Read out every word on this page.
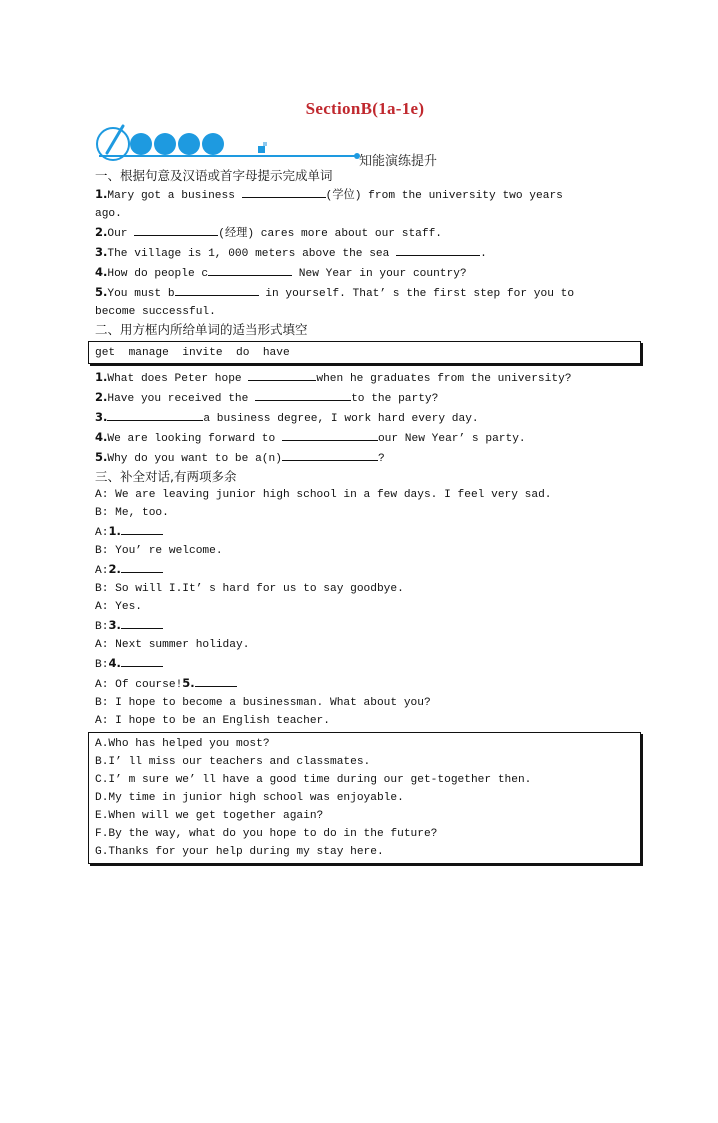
SectionB(1a-1e)
知能演练提升
一、根据句意及汉语或首字母提示完成单词
1.Mary got a business	(学位) from the university two years
ago.
2.Our	(经理) cares more about our staff.
3.The village is 1, 000 meters above the sea	.
4.How do people c	New Year in your country?
5.You must b	in yourself. That’ s the first step for you to
become successful.
二、用方框内所给单词的适当形式填空
get  manage  invite  do  have
1.What does Peter hope	when he graduates from the university?
2.Have you received the	to the party?
3.	a business degree, I work hard every day.
4.We are looking forward to	our New Year’ s party.
5.Why do you want to be a(n)	?
三、补全对话,有两项多余
A: We are leaving junior high school in a few days. I feel very sad.
B: Me, too.
A:1.
B: You’ re welcome.
A:2.
B: So will I.It’ s hard for us to say goodbye.
A: Yes.
B:3.
A: Next summer holiday.
B:4.
A: Of course!5.
B: I hope to become a businessman. What about you?
A: I hope to be an English teacher.
A.Who has helped you most?
B.I’ ll miss our teachers and classmates.
C.I’ m sure we’ ll have a good time during our get-together then.
D.My time in junior high school was enjoyable.
E.When will we get together again?
F.By the way, what do you hope to do in the future?
G.Thanks for your help during my stay here.
